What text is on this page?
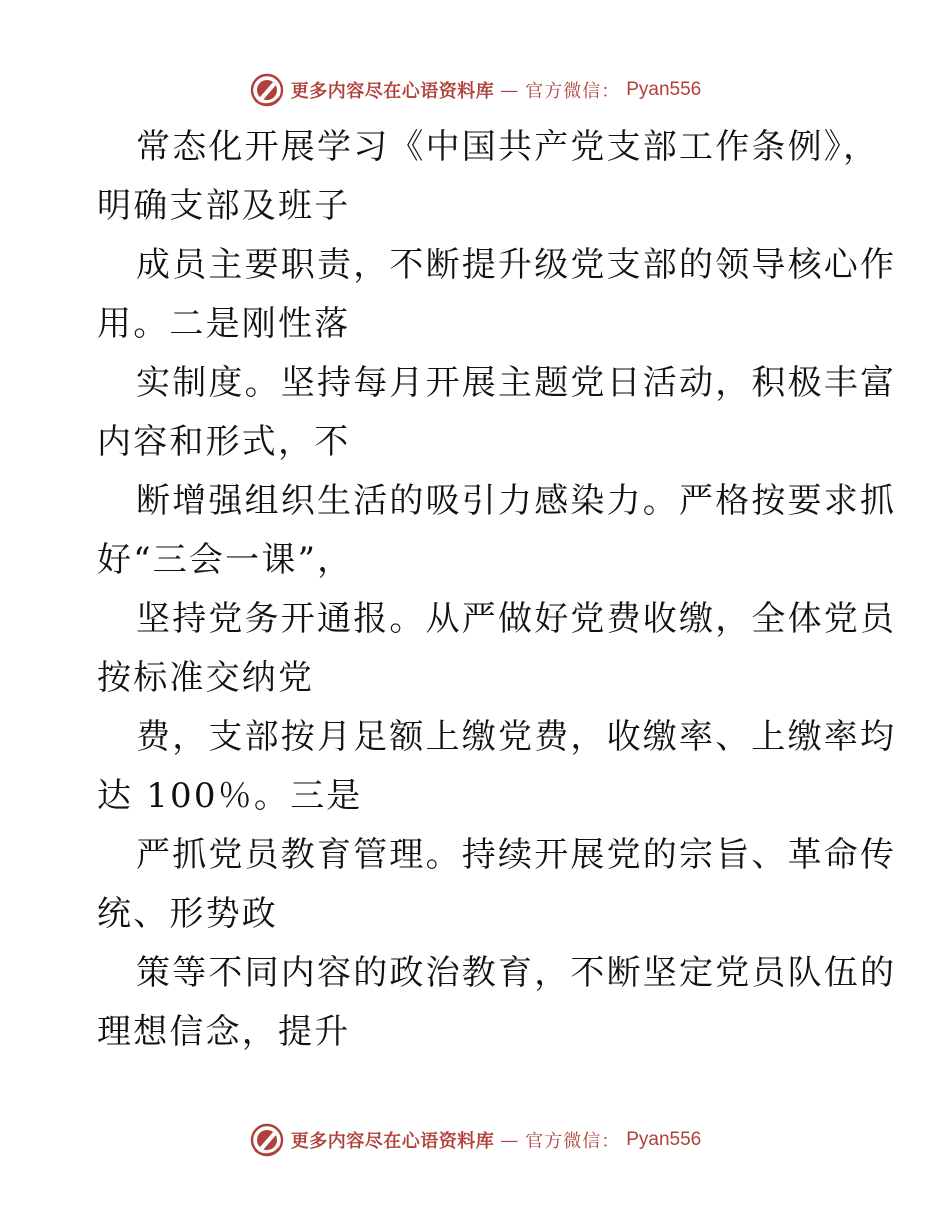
更多内容尽在心语资料库 — 官方微信： Pyan556
常态化开展学习《中国共产党支部工作条例》，
明确支部及班子
成员主要职责，不断提升级党支部的领导核心作
用。二是刚性落
实制度。坚持每月开展主题党日活动，积极丰富
内容和形式，不
断增强组织生活的吸引力感染力。严格按要求抓
好“三会一课”，
坚持党务开通报。从严做好党费收缴，全体党员
按标准交纳党
费，支部按月足额上缴党费，收缴率、上缴率均
达 100％。三是
严抓党员教育管理。持续开展党的宗旨、革命传
统、形势政
策等不同内容的政治教育，不断坚定党员队伍的
理想信念，提升
更多内容尽在心语资料库 — 官方微信： Pyan556
